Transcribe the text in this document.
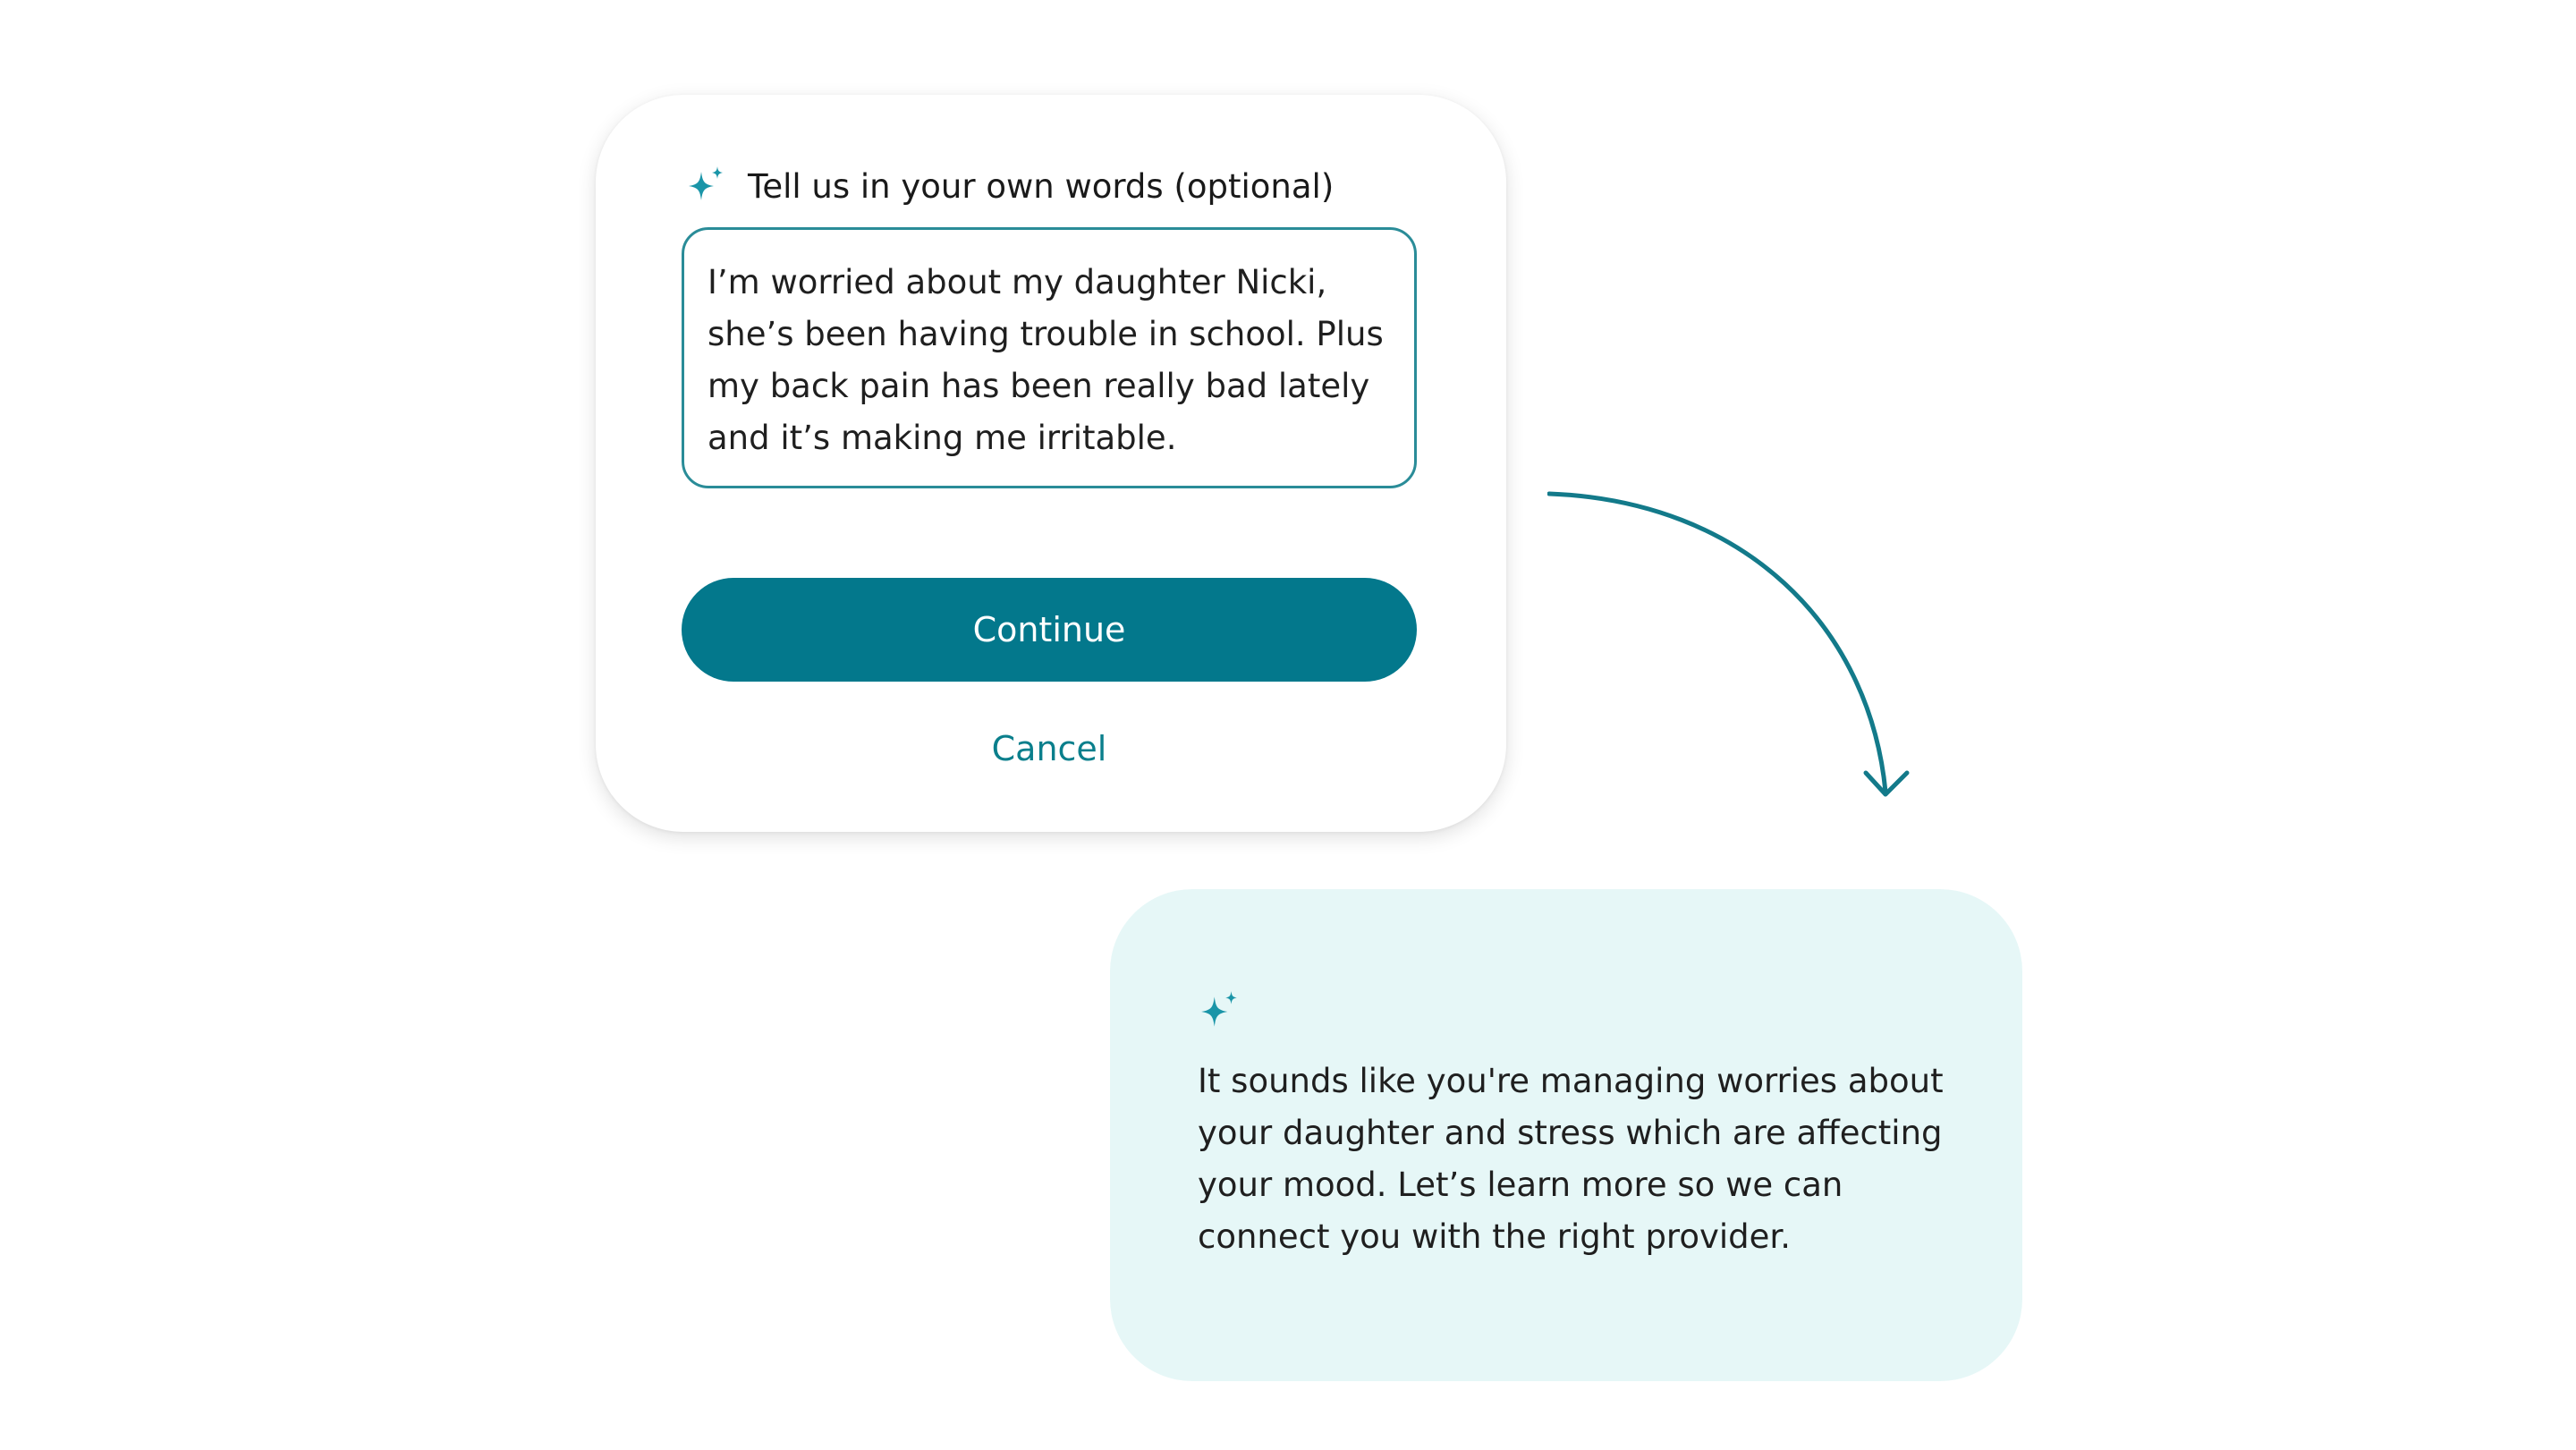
Tell us in your own words (optional)
I’m worried about my daughter Nicki, she’s been having trouble in school. Plus my back pain has been really bad lately and it’s making me irritable.
Continue
Cancel
It sounds like you're managing worries about your daughter and stress which are affecting your mood. Let’s learn more so we can connect you with the right provider.
